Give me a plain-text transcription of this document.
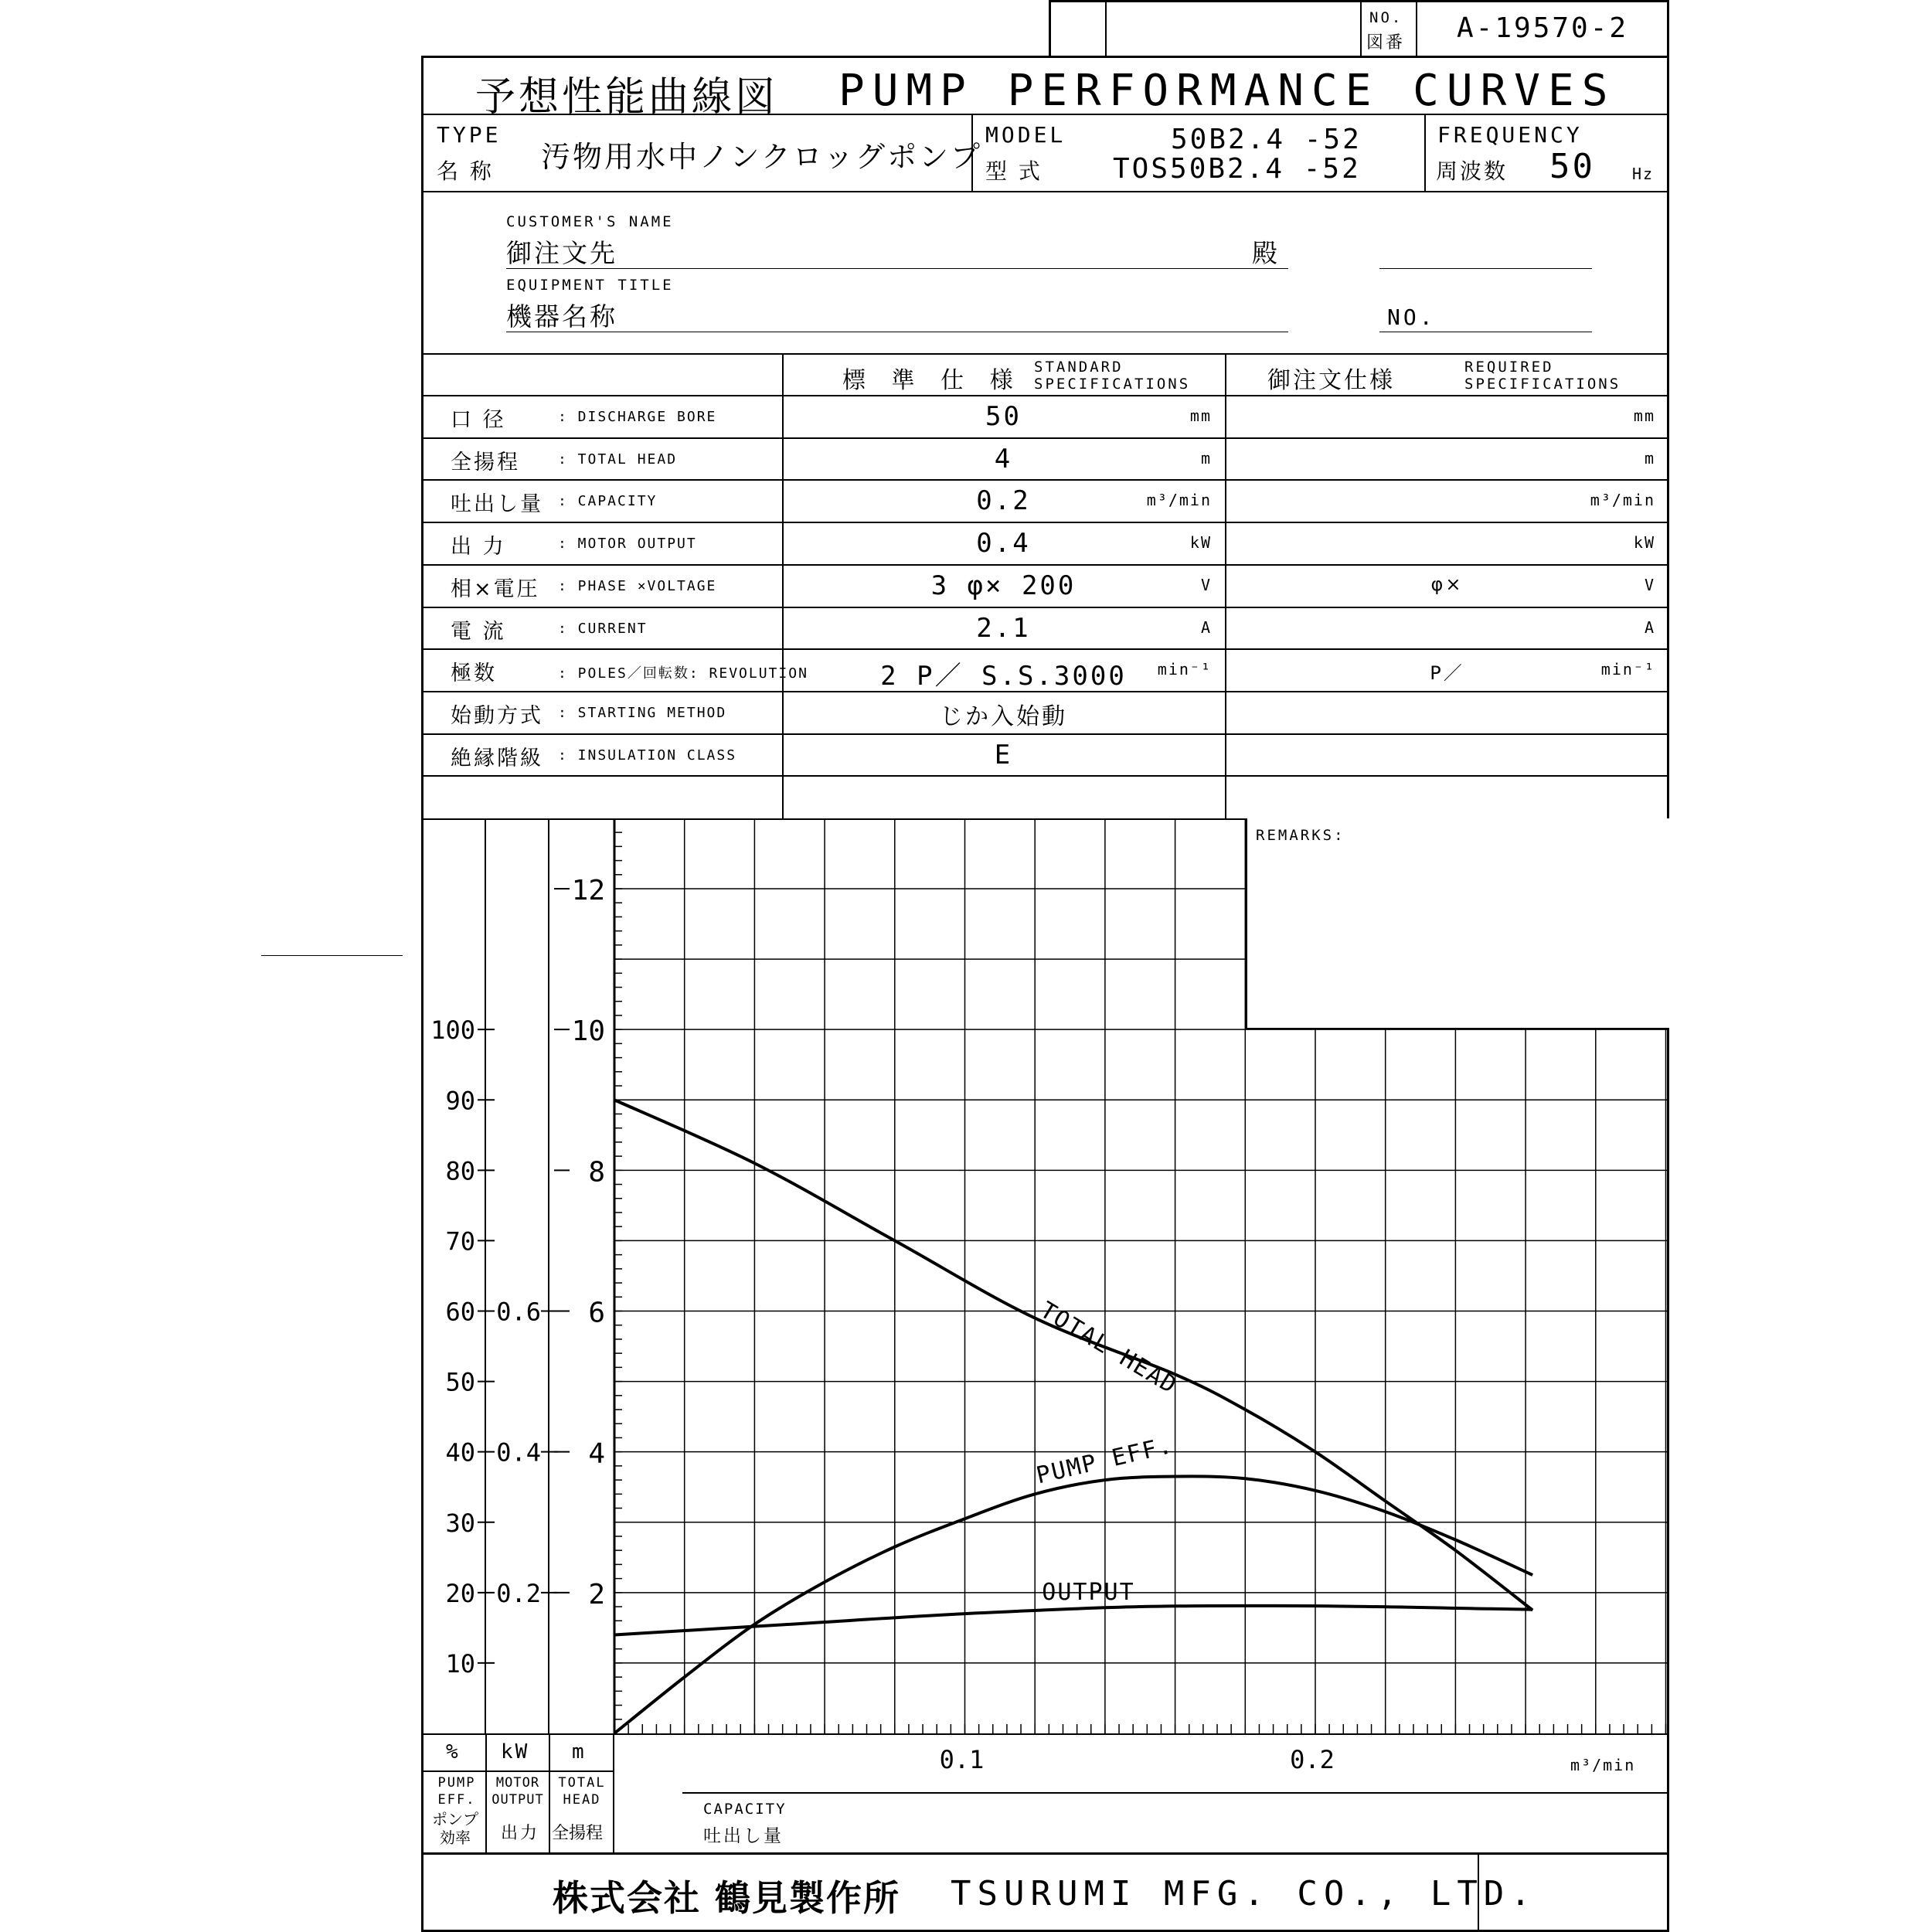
NO.
図番 A-19570-2
予想性能曲線図 PUMP PERFORMANCE CURVES
TYPE
名 称 汚物用水中ノンクロッグポンプ
MODEL
型 式
50B2.4 -52
TOS50B2.4 -52
FREQUENCY
周波数 50 Hz
CUSTOMER'S NAME
御注文先	殿
EQUIPMENT TITLE
機器名称	NO.
標 準 仕 様 STANDARD
SPECIFICATIONS	御注文仕様	REQUIRED
SPECIFICATIONS
口 径	: DISCHARGE BORE	50	mm	mm
全揚程	: TOTAL HEAD	4	m	m
吐出し量 : CAPACITY	0.2	m³/min	m³/min
出 力	: MOTOR OUTPUT	0.4	kW	kW
相×電圧 : PHASE ×VOLTAGE	3 φ× 200	V	φ×	V
電 流	: CURRENT	2.1	A	A
極数	: POLES／回転数: REVOLUTION	2 P／ S.S.3000	min⁻¹	P／	min⁻¹
始動方式 : STARTING METHOD	じか入始動
絶縁階級 : INSULATION CLASS	E
REMARKS:
2
4
6
8
10
12
10
20
30
40
50
60
70
80
90
100
0.2
0.4
0.6
0.1	0.2
TOTAL HEAD
PUMP EFF.
OUTPUT
% kW m
PUMP EFF.
ポンプ効率
MOTOR OUTPUT
出力
TOTAL HEAD
全揚程
CAPACITY
吐出し量
m³/min
株式会社 鶴見製作所 TSURUMI MFG. CO., LTD.
